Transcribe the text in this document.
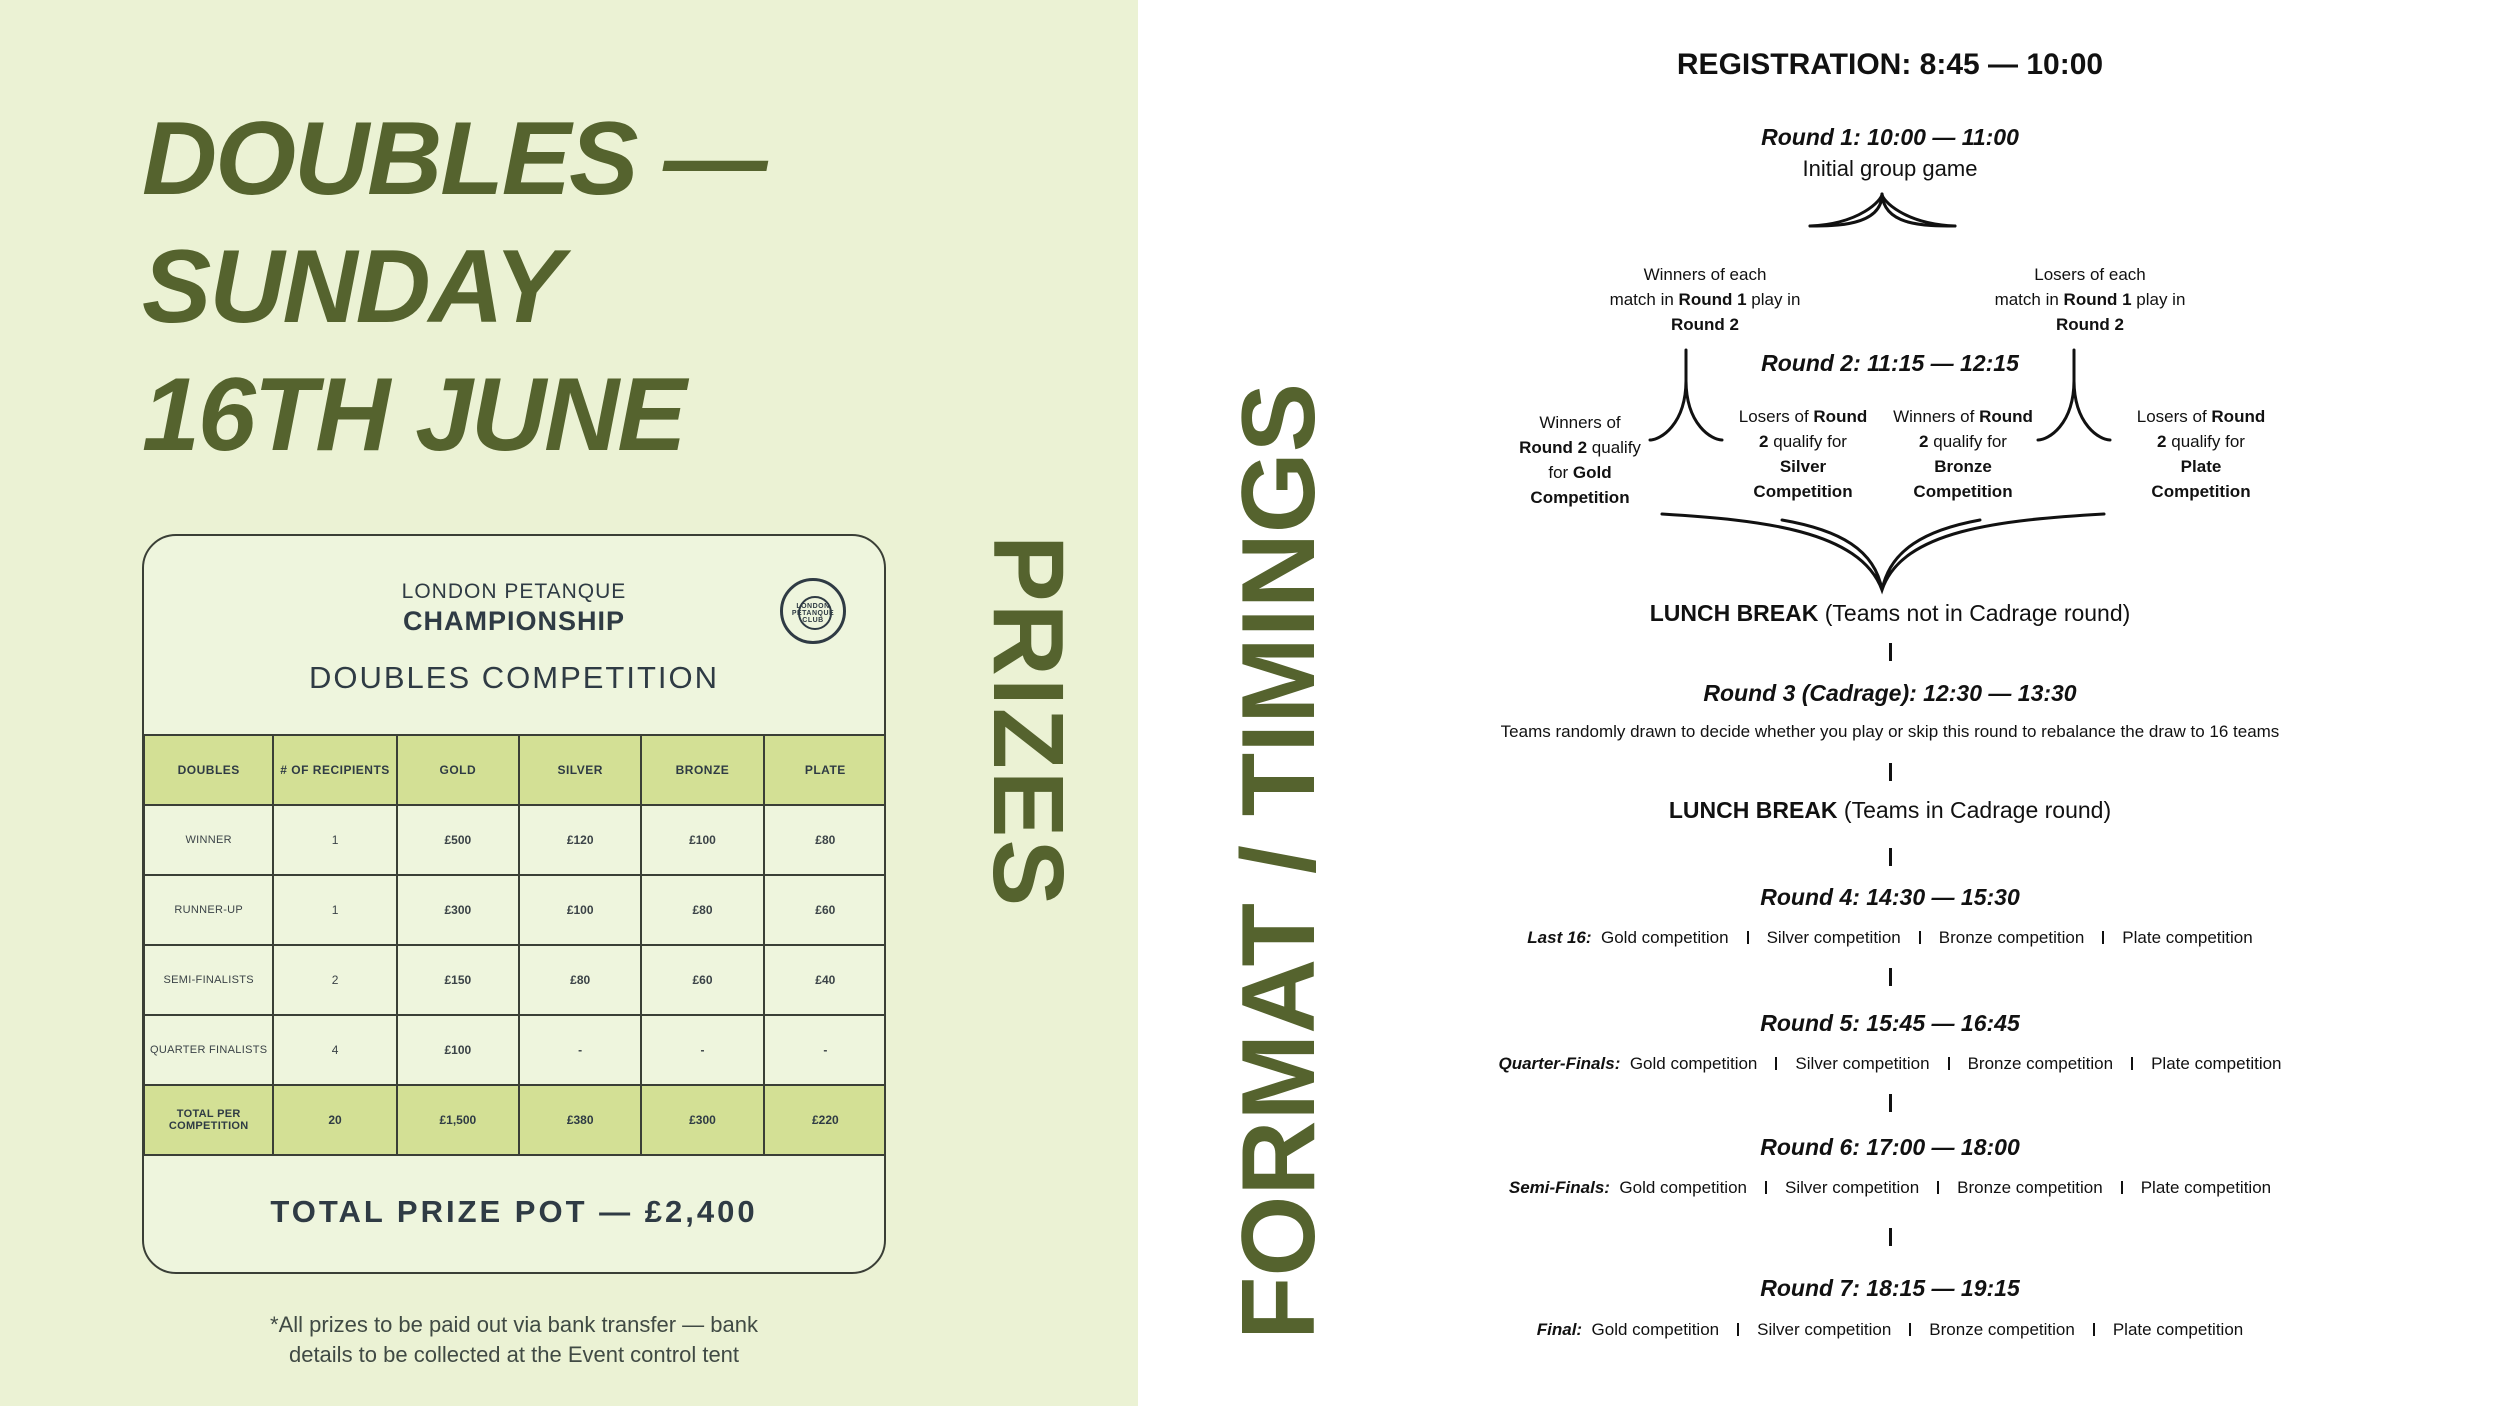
DOUBLES —
SUNDAY
16TH JUNE
LONDON PETANQUE
CHAMPIONSHIP
DOUBLES COMPETITION
LONDON PETANQUE CLUB
DOUBLES	# OF RECIPIENTS	GOLD	SILVER	BRONZE	PLATE
WINNER	1	£500	£120	£100	£80
RUNNER-UP	1	£300	£100	£80	£60
SEMI-FINALISTS	2	£150	£80	£60	£40
QUARTER FINALISTS	4	£100	-	-	-
TOTAL PER COMPETITION	20	£1,500	£380	£300	£220
TOTAL PRIZE POT — £2,400
*All prizes to be paid out via bank transfer — bank
details to be collected at the Event control tent
PRIZES FORMAT / TIMINGS
REGISTRATION: 8:45 — 10:00
Round 1: 10:00 — 11:00
Initial group game
Winners of each
match in Round 1 play in
Round 2
Losers of each
match in Round 1 play in
Round 2
Round 2: 11:15 — 12:15
Winners of
Round 2 qualify
for Gold
Competition
Losers of Round
2 qualify for
Silver
Competition
Winners of Round
2 qualify for
Bronze
Competition
Losers of Round
2 qualify for
Plate
Competition
LUNCH BREAK (Teams not in Cadrage round)
Round 3 (Cadrage): 12:30 — 13:30
Teams randomly drawn to decide whether you play or skip this round to rebalance the draw to 16 teams
LUNCH BREAK (Teams in Cadrage round)
Round 4: 14:30 — 15:30
Last 16: Gold competition Silver competition Bronze competition Plate competition
Round 5: 15:45 — 16:45
Quarter-Finals: Gold competition Silver competition Bronze competition Plate competition
Round 6: 17:00 — 18:00
Semi-Finals: Gold competition Silver competition Bronze competition Plate competition
Round 7: 18:15 — 19:15
Final: Gold competition Silver competition Bronze competition Plate competition
